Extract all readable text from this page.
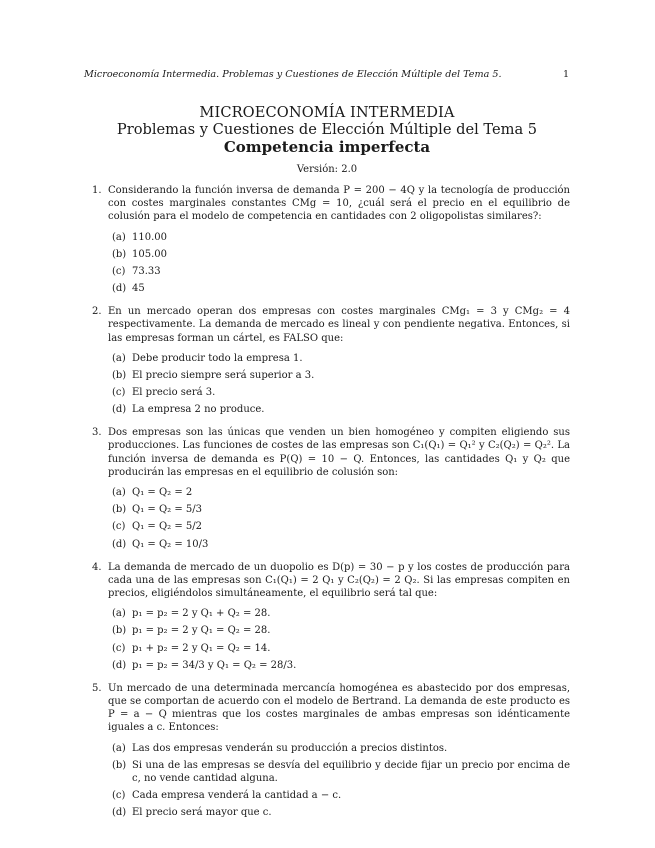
Microeconomía Intermedia. Problemas y Cuestiones de Elección Múltiple del Tema 5.	1
MICROECONOMÍA INTERMEDIA
Problemas y Cuestiones de Elección Múltiple del Tema 5
Competencia imperfecta
Versión: 2.0
1. Considerando la función inversa de demanda P = 200 − 4Q y la tecnología de producción con costes marginales constantes CMg = 10, ¿cuál será el precio en el equilibrio de colusión para el modelo de competencia en cantidades con 2 oligopolistas similares?:
(a) 110.00
(b) 105.00
(c) 73.33
(d) 45
2. En un mercado operan dos empresas con costes marginales CMg₁ = 3 y CMg₂ = 4 respectivamente. La demanda de mercado es lineal y con pendiente negativa. Entonces, si las empresas forman un cártel, es FALSO que:
(a) Debe producir todo la empresa 1.
(b) El precio siempre será superior a 3.
(c) El precio será 3.
(d) La empresa 2 no produce.
3. Dos empresas son las únicas que venden un bien homogéneo y compiten eligiendo sus producciones. Las funciones de costes de las empresas son C₁(Q₁) = Q₁² y C₂(Q₂) = Q₂². La función inversa de demanda es P(Q) = 10 − Q. Entonces, las cantidades Q₁ y Q₂ que producirán las empresas en el equilibrio de colusión son:
(a) Q₁ = Q₂ = 2
(b) Q₁ = Q₂ = 5/3
(c) Q₁ = Q₂ = 5/2
(d) Q₁ = Q₂ = 10/3
4. La demanda de mercado de un duopolio es D(p) = 30 − p y los costes de producción para cada una de las empresas son C₁(Q₁) = 2 Q₁ y C₂(Q₂) = 2 Q₂. Si las empresas compiten en precios, eligiéndolos simultáneamente, el equilibrio será tal que:
(a) p₁ = p₂ = 2 y Q₁ + Q₂ = 28.
(b) p₁ = p₂ = 2 y Q₁ = Q₂ = 28.
(c) p₁ + p₂ = 2 y Q₁ = Q₂ = 14.
(d) p₁ = p₂ = 34/3 y Q₁ = Q₂ = 28/3.
5. Un mercado de una determinada mercancía homogénea es abastecido por dos empresas, que se comportan de acuerdo con el modelo de Bertrand. La demanda de este producto es P = a − Q mientras que los costes marginales de ambas empresas son idénticamente iguales a c. Entonces:
(a) Las dos empresas venderán su producción a precios distintos.
(b) Si una de las empresas se desvía del equilibrio y decide fijar un precio por encima de c, no vende cantidad alguna.
(c) Cada empresa venderá la cantidad a − c.
(d) El precio será mayor que c.
